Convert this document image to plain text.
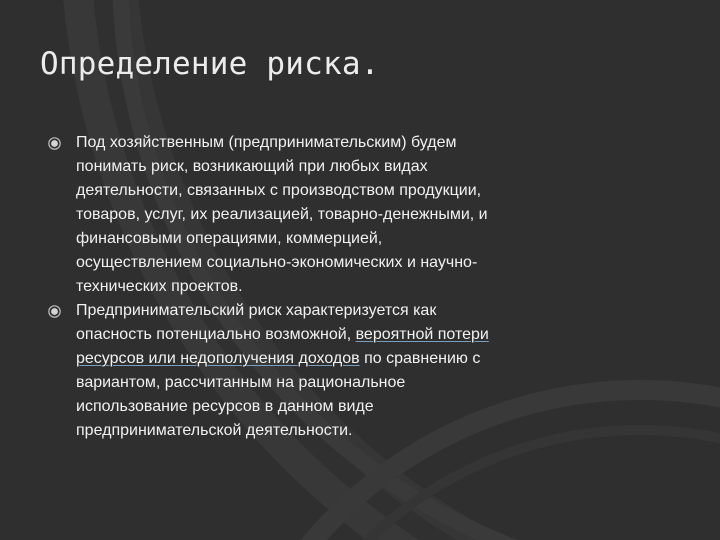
Определение риска.
Под хозяйственным (предпринимательским) будем
понимать риск, возникающий при любых видах
деятельности, связанных с производством продукции,
товаров, услуг, их реализацией, товарно-денежными, и
финансовыми операциями, коммерцией,
осуществлением социально-экономических и научно-
технических проектов.
Предпринимательский риск характеризуется как
опасность потенциально возможной, вероятной потери
ресурсов или недополучения доходов по сравнению с
вариантом, рассчитанным на рациональное
использование ресурсов в данном виде
предпринимательской деятельности.
